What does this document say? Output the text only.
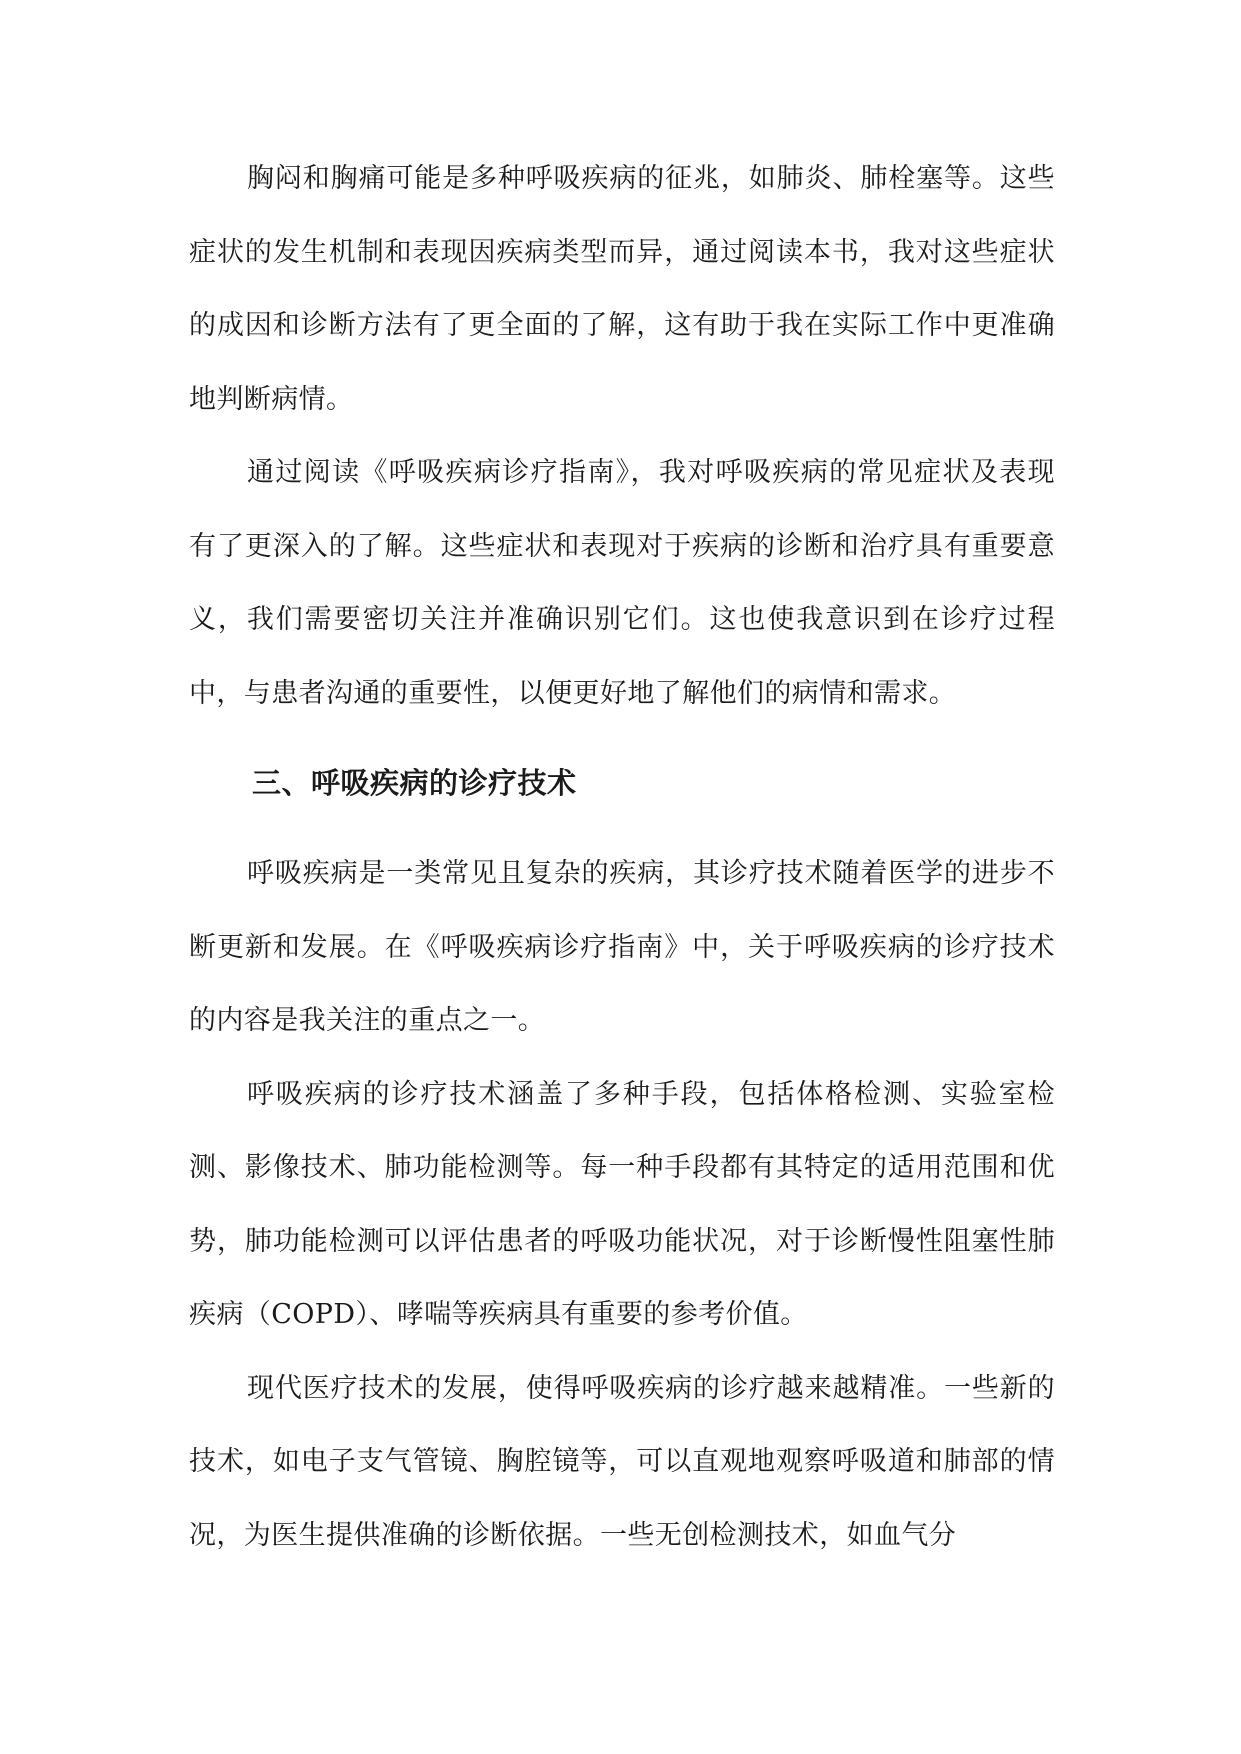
胸闷和胸痛可能是多种呼吸疾病的征兆，如肺炎、肺栓塞等。这些症状的发生机制和表现因疾病类型而异，通过阅读本书，我对这些症状的成因和诊断方法有了更全面的了解，这有助于我在实际工作中更准确地判断病情。

通过阅读《呼吸疾病诊疗指南》，我对呼吸疾病的常见症状及表现有了更深入的了解。这些症状和表现对于疾病的诊断和治疗具有重要意义，我们需要密切关注并准确识别它们。这也使我意识到在诊疗过程中，与患者沟通的重要性，以便更好地了解他们的病情和需求。

三、呼吸疾病的诊疗技术

呼吸疾病是一类常见且复杂的疾病，其诊疗技术随着医学的进步不断更新和发展。在《呼吸疾病诊疗指南》中，关于呼吸疾病的诊疗技术的内容是我关注的重点之一。

呼吸疾病的诊疗技术涵盖了多种手段，包括体格检测、实验室检测、影像技术、肺功能检测等。每一种手段都有其特定的适用范围和优势，肺功能检测可以评估患者的呼吸功能状况，对于诊断慢性阻塞性肺疾病（COPD）、哮喘等疾病具有重要的参考价值。

现代医疗技术的发展，使得呼吸疾病的诊疗越来越精准。一些新的技术，如电子支气管镜、胸腔镜等，可以直观地观察呼吸道和肺部的情况，为医生提供准确的诊断依据。一些无创检测技术，如血气分
